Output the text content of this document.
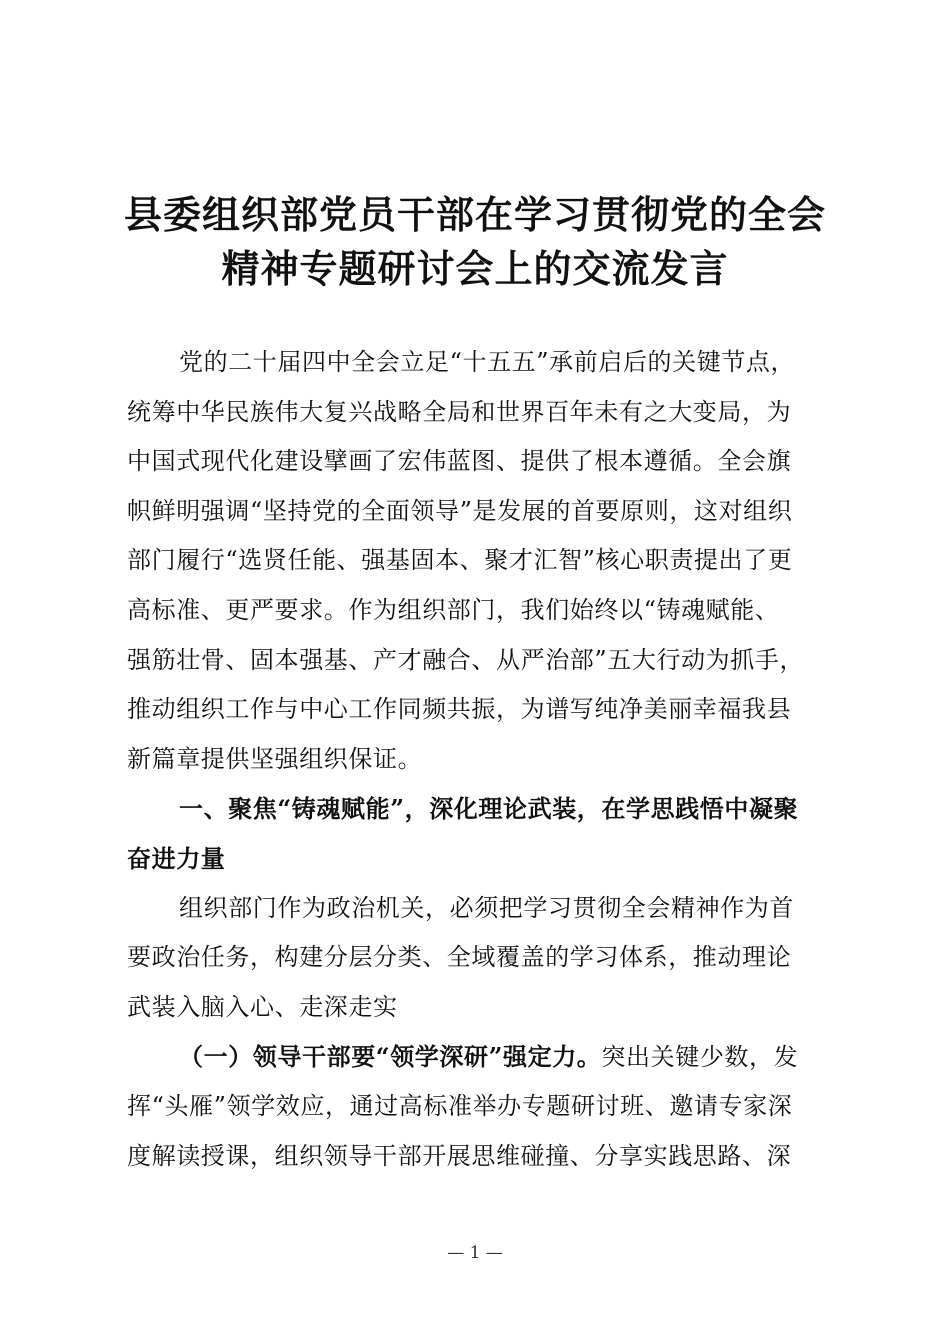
县委组织部党员干部在学习贯彻党的全会
精神专题研讨会上的交流发言
党的二十届四中全会立足“十五五”承前启后的关键节点，
统筹中华民族伟大复兴战略全局和世界百年未有之大变局，为
中国式现代化建设擘画了宏伟蓝图、提供了根本遵循。全会旗
帜鲜明强调“坚持党的全面领导”是发展的首要原则，这对组织
部门履行“选贤任能、强基固本、聚才汇智”核心职责提出了更
高标准、更严要求。作为组织部门，我们始终以“铸魂赋能、
强筋壮骨、固本强基、产才融合、从严治部”五大行动为抓手，
推动组织工作与中心工作同频共振，为谱写纯净美丽幸福我县
新篇章提供坚强组织保证。
一、聚焦“铸魂赋能”，深化理论武装，在学思践悟中凝聚
奋进力量
组织部门作为政治机关，必须把学习贯彻全会精神作为首
要政治任务，构建分层分类、全域覆盖的学习体系，推动理论
武装入脑入心、走深走实
（一）领导干部要“领学深研”强定力。突出关键少数，发
挥“头雁”领学效应，通过高标准举办专题研讨班、邀请专家深
度解读授课，组织领导干部开展思维碰撞、分享实践思路、深
— 1 —
